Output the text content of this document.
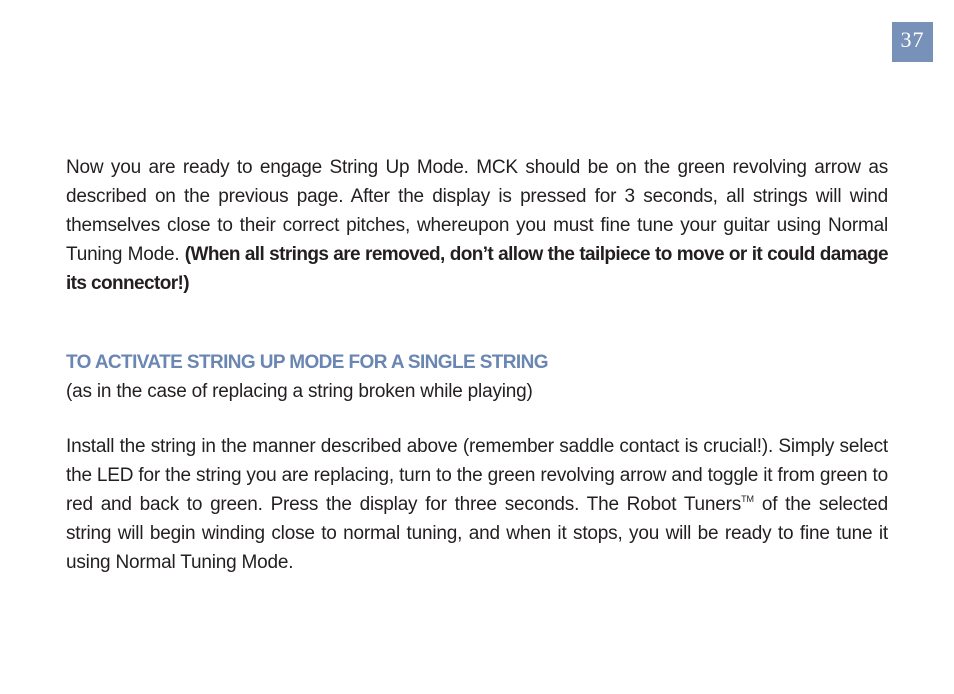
37

Now you are ready to engage String Up Mode. MCK should be on the green revolving arrow as described on the previous page. After the display is pressed for 3 seconds, all strings will wind themselves close to their correct pitches, whereupon you must fine tune your guitar using Normal Tuning Mode. (When all strings are removed, don’t allow the tailpiece to move or it could damage its connector!)

TO ACTIVATE STRING UP MODE FOR A SINGLE STRING

(as in the case of replacing a string broken while playing)

Install the string in the manner described above (remember saddle contact is crucial!). Simply select the LED for the string you are replacing, turn to the green revolving arrow and toggle it from green to red and back to green. Press the display for three seconds. The Robot Tuners™ of the selected string will begin winding close to normal tuning, and when it stops, you will be ready to fine tune it using Normal Tuning Mode.
